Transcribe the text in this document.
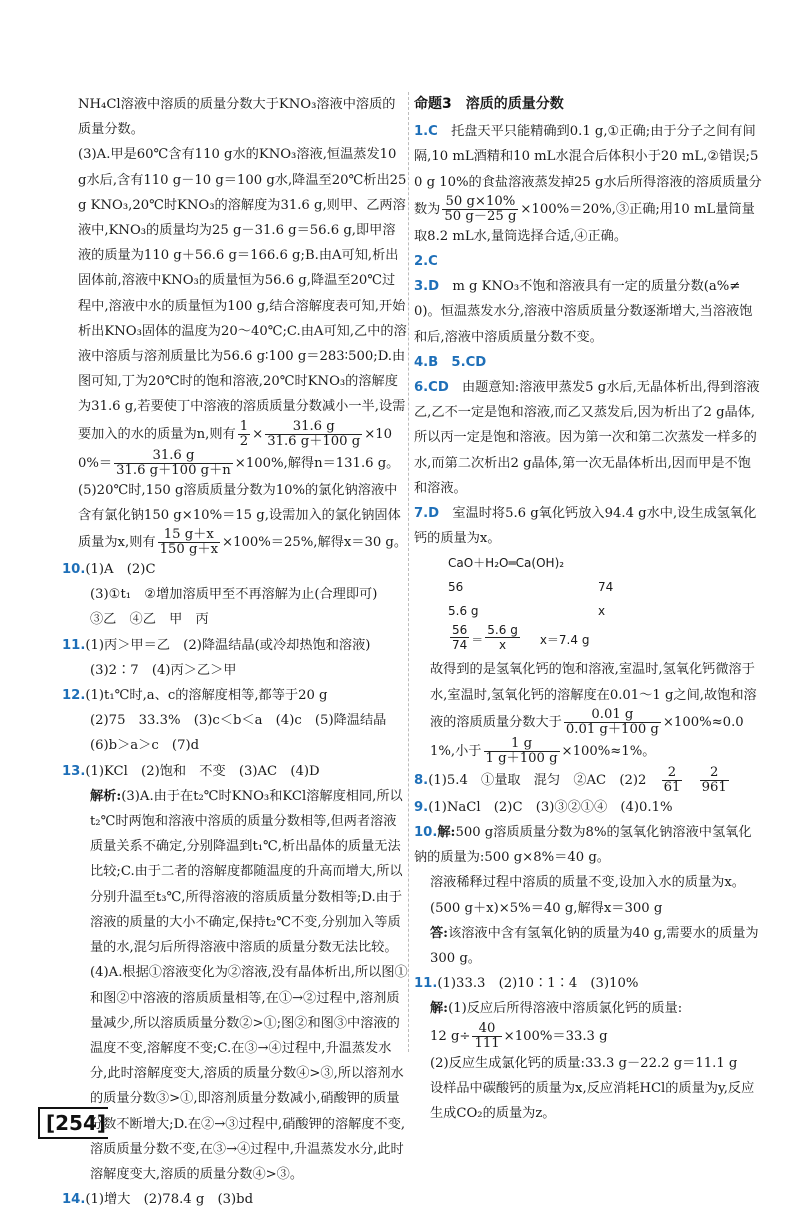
NH₄Cl溶液中溶质的质量分数大于KNO₃溶液中溶质的质量分数。

(3)A.甲是60℃含有110 g水的KNO₃溶液,恒温蒸发10 g水后,含有110 g－10 g＝100 g水,降温至20℃析出25 g KNO₃,20℃时KNO₃的溶解度为31.6 g,则甲、乙两溶液中,KNO₃的质量均为25 g－31.6 g＝56.6 g,即甲溶液的质量为110 g＋56.6 g＝166.6 g;B.由A可知,析出固体前,溶液中KNO₃的质量恒为56.6 g,降温至20℃过程中,溶液中水的质量恒为100 g,结合溶解度表可知,开始析出KNO₃固体的温度为20～40℃;C.由A可知,乙中的溶液中溶质与溶剂质量比为56.6 g∶100 g＝283∶500;D.由图可知,丁为20℃时的饱和溶液,20℃时KNO₃的溶解度为31.6 g,若要使丁中溶液的溶质质量分数减小一半,设需要加入的水的质量为n,则有 $\frac{1}{2} \times \frac{31.6 g}{31.6 g+100 g} \times 100\%= \frac{31.6 g}{31.6 g+100 g+n} \times 100\%$,解得n＝131.6 g。

(5)20℃时,150 g溶质质量分数为10%的氯化钠溶液中含有氯化钠150 g×10%＝15 g,设需加入的氯化钠固体质量为x,则有 $\frac{15 g+x}{150 g+x} \times 100\%=25\%$,解得x＝30 g。

10.(1)A　(2)C

(3)①t₁　②增加溶质甲至不再溶解为止(合理即可)

③乙　④乙　甲　丙

11.(1)丙＞甲＝乙　(2)降温结晶(或冷却热饱和溶液)

(3)2∶7　(4)丙＞乙＞甲

12.(1)t₁℃时,a、c的溶解度相等,都等于20 g

(2)75　33.3%　(3)c＜b＜a　(4)c　(5)降温结晶

(6)b＞a＞c　(7)d

13.(1)KCl　(2)饱和　不变　(3)AC　(4)D

解析:(3)A.由于在t₂℃时KNO₃和KCl溶解度相同,所以t₂℃时两饱和溶液中溶质的质量分数相等,但两者溶液质量关系不确定,分别降温到t₁℃,析出晶体的质量无法比较;C.由于二者的溶解度都随温度的升高而增大,所以分别升温至t₃℃,所得溶液的溶质质量分数相等;D.由于溶液的质量的大小不确定,保持t₂℃不变,分别加入等质量的水,混匀后所得溶液中溶质的质量分数无法比较。

(4)A.根据①溶液变化为②溶液,没有晶体析出,所以图①和图②中溶液的溶质质量相等,在①→②过程中,溶剂质量减少,所以溶质质量分数②>①;图②和图③中溶液的温度不变,溶解度不变;C.在③→④过程中,升温蒸发水分,此时溶解度变大,溶质的质量分数④>③,所以溶剂水的质量分数③>①,即溶剂质量分数减小,硝酸钾的质量分数不断增大;D.在②→③过程中,硝酸钾的溶解度不变,溶质质量分数不变,在③→④过程中,升温蒸发水分,此时溶解度变大,溶质的质量分数④>③。

14.(1)增大　(2)78.4 g　(3)bd

命题3　 溶质的质量分数

1.C　 托盘天平只能精确到0.1 g,①正确;由于分子之间有间隔,10 mL酒精和10 mL水混合后体积小于20 mL,②错误;50 g 10%的食盐溶液蒸发掉25 g水后所得溶液的溶质质量分数为 $\frac{50 g\times 10\%}{50 g-25 g}$ ×100%＝20%,③正确;用10 mL量筒量取8.2 mL水,量筒选择合适,④正确。

2.C

3.D　 m g KNO₃不饱和溶液具有一定的质量分数(a%≠0)。恒温蒸发水分,溶液中溶质质量分数逐渐增大,当溶液饱和后,溶液中溶质质量分数不变。

4.B　5.CD

6.CD　 由题意知:溶液甲蒸发5 g水后,无晶体析出,得到溶液乙,乙不一定是饱和溶液,而乙又蒸发后,因为析出了2 g晶体,所以丙一定是饱和溶液。因为第一次和第二次蒸发一样多的水,而第二次析出2 g晶体,第一次无晶体析出,因而甲是不饱和溶液。

7.D　 室温时将5.6 g氧化钙放入94.4 g水中,设生成氢氧化钙的质量为x。

CaO＋H₂O═Ca(OH)₂
56	74
5.6 g	x
$\frac{56}{74} = \frac{5.6 g}{x} x=7.4$ g

故得到的是氢氧化钙的饱和溶液,室温时,氢氧化钙微溶于水,室温时,氢氧化钙的溶解度在0.01～1 g之间,故饱和溶液的溶质质量分数大于 $\frac{0.01 g}{0.01 g+100 g} \times 100\%\approx 0.01\%$,小于 $\frac{1 g}{1 g+100 g} \times 100\%\approx 1\%$。

8.(1)5.4　①量取　混匀　②AC　(2)2　 $\frac{2}{61}$
　 $\frac{2}{961}$

9.(1)NaCl　(2)C　(3)③②①④　(4)0.1%

10.解:500 g溶质质量分数为8%的氢氧化钠溶液中氢氧化钠的质量为:500 g×8%＝40 g。

溶液稀释过程中溶质的质量不变,设加入水的质量为x。

(500 g＋x)×5%＝40 g,解得x＝300 g

答:该溶液中含有氢氧化钠的质量为40 g,需要水的质量为300 g。

11.(1)33.3　(2)10∶1∶4　(3)10%

解:(1)反应后所得溶液中溶质氯化钙的质量:

12 $g\div \frac{40}{111} \times 100\%=33.3$ g

(2)反应生成氯化钙的质量:33.3 g－22.2 g＝11.1 g

设样品中碳酸钙的质量为x,反应消耗HCl的质量为y,反应生成CO₂的质量为z。

[254 ]
